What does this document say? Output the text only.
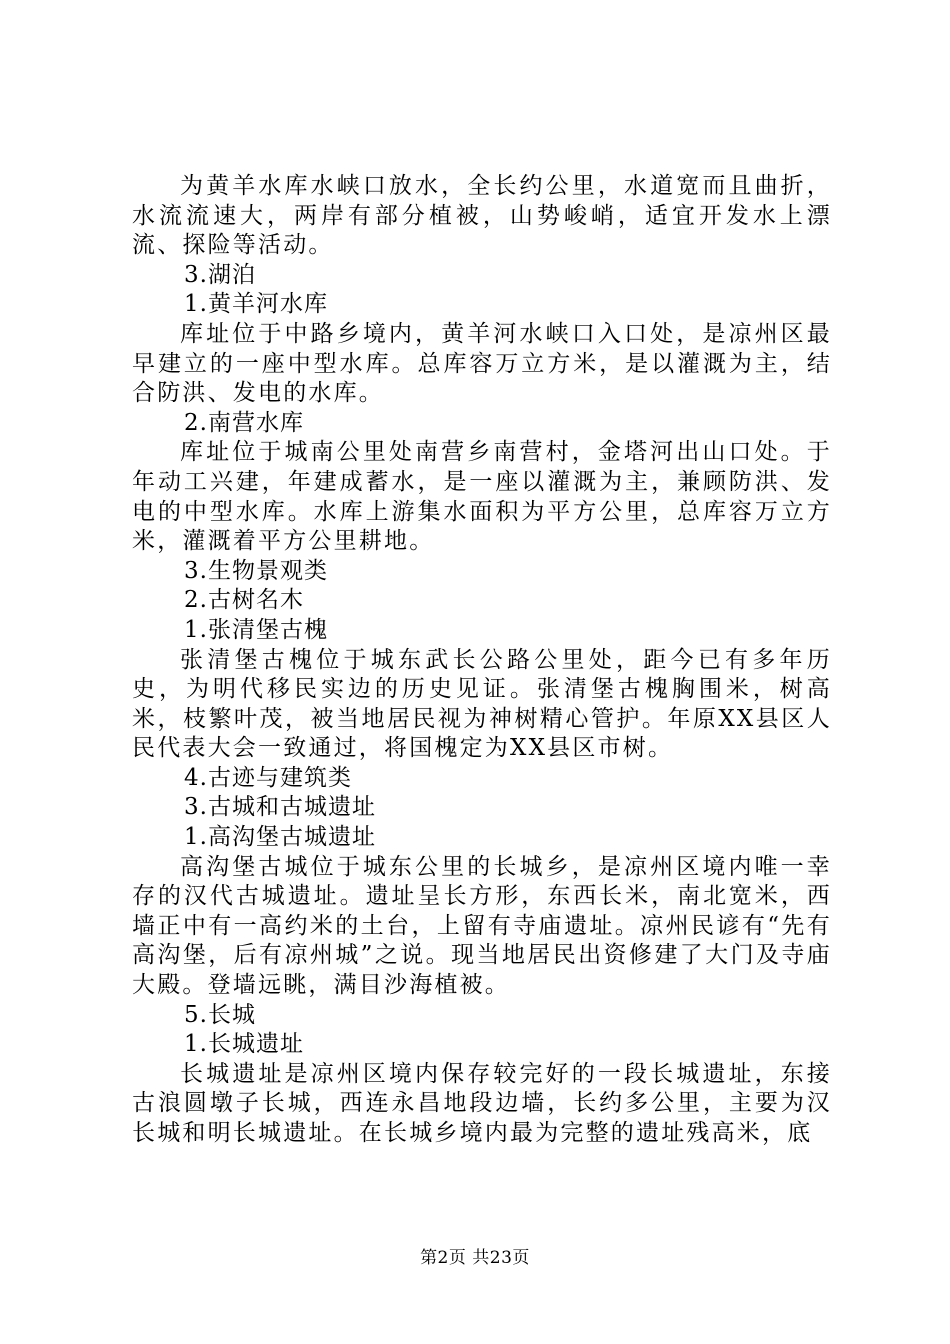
为黄羊水库水峡口放水，全长约公里，水道宽而且曲折，水流流速大，两岸有部分植被，山势峻峭，适宜开发水上漂流、探险等活动。

3.湖泊

1.黄羊河水库

库址位于中路乡境内，黄羊河水峡口入口处，是凉州区最早建立的一座中型水库。总库容万立方米，是以灌溉为主，结合防洪、发电的水库。

2.南营水库

库址位于城南公里处南营乡南营村，金塔河出山口处。于年动工兴建，年建成蓄水，是一座以灌溉为主，兼顾防洪、发电的中型水库。水库上游集水面积为平方公里，总库容万立方米，灌溉着平方公里耕地。

3.生物景观类

2.古树名木

1.张清堡古槐

张清堡古槐位于城东武长公路公里处，距今已有多年历史，为明代移民实边的历史见证。张清堡古槐胸围米，树高米，枝繁叶茂，被当地居民视为神树精心管护。年原XX县区人民代表大会一致通过，将国槐定为XX县区市树。

4.古迹与建筑类

3.古城和古城遗址

1.高沟堡古城遗址

高沟堡古城位于城东公里的长城乡，是凉州区境内唯一幸存的汉代古城遗址。遗址呈长方形，东西长米，南北宽米，西墙正中有一高约米的土台，上留有寺庙遗址。凉州民谚有“先有高沟堡，后有凉州城”之说。现当地居民出资修建了大门及寺庙大殿。登墙远眺，满目沙海植被。

5.长城

1.长城遗址

长城遗址是凉州区境内保存较完好的一段长城遗址，东接古浪圆墩子长城，西连永昌地段边墙，长约多公里，主要为汉长城和明长城遗址。在长城乡境内最为完整的遗址残高米，底

第2页 共23页
